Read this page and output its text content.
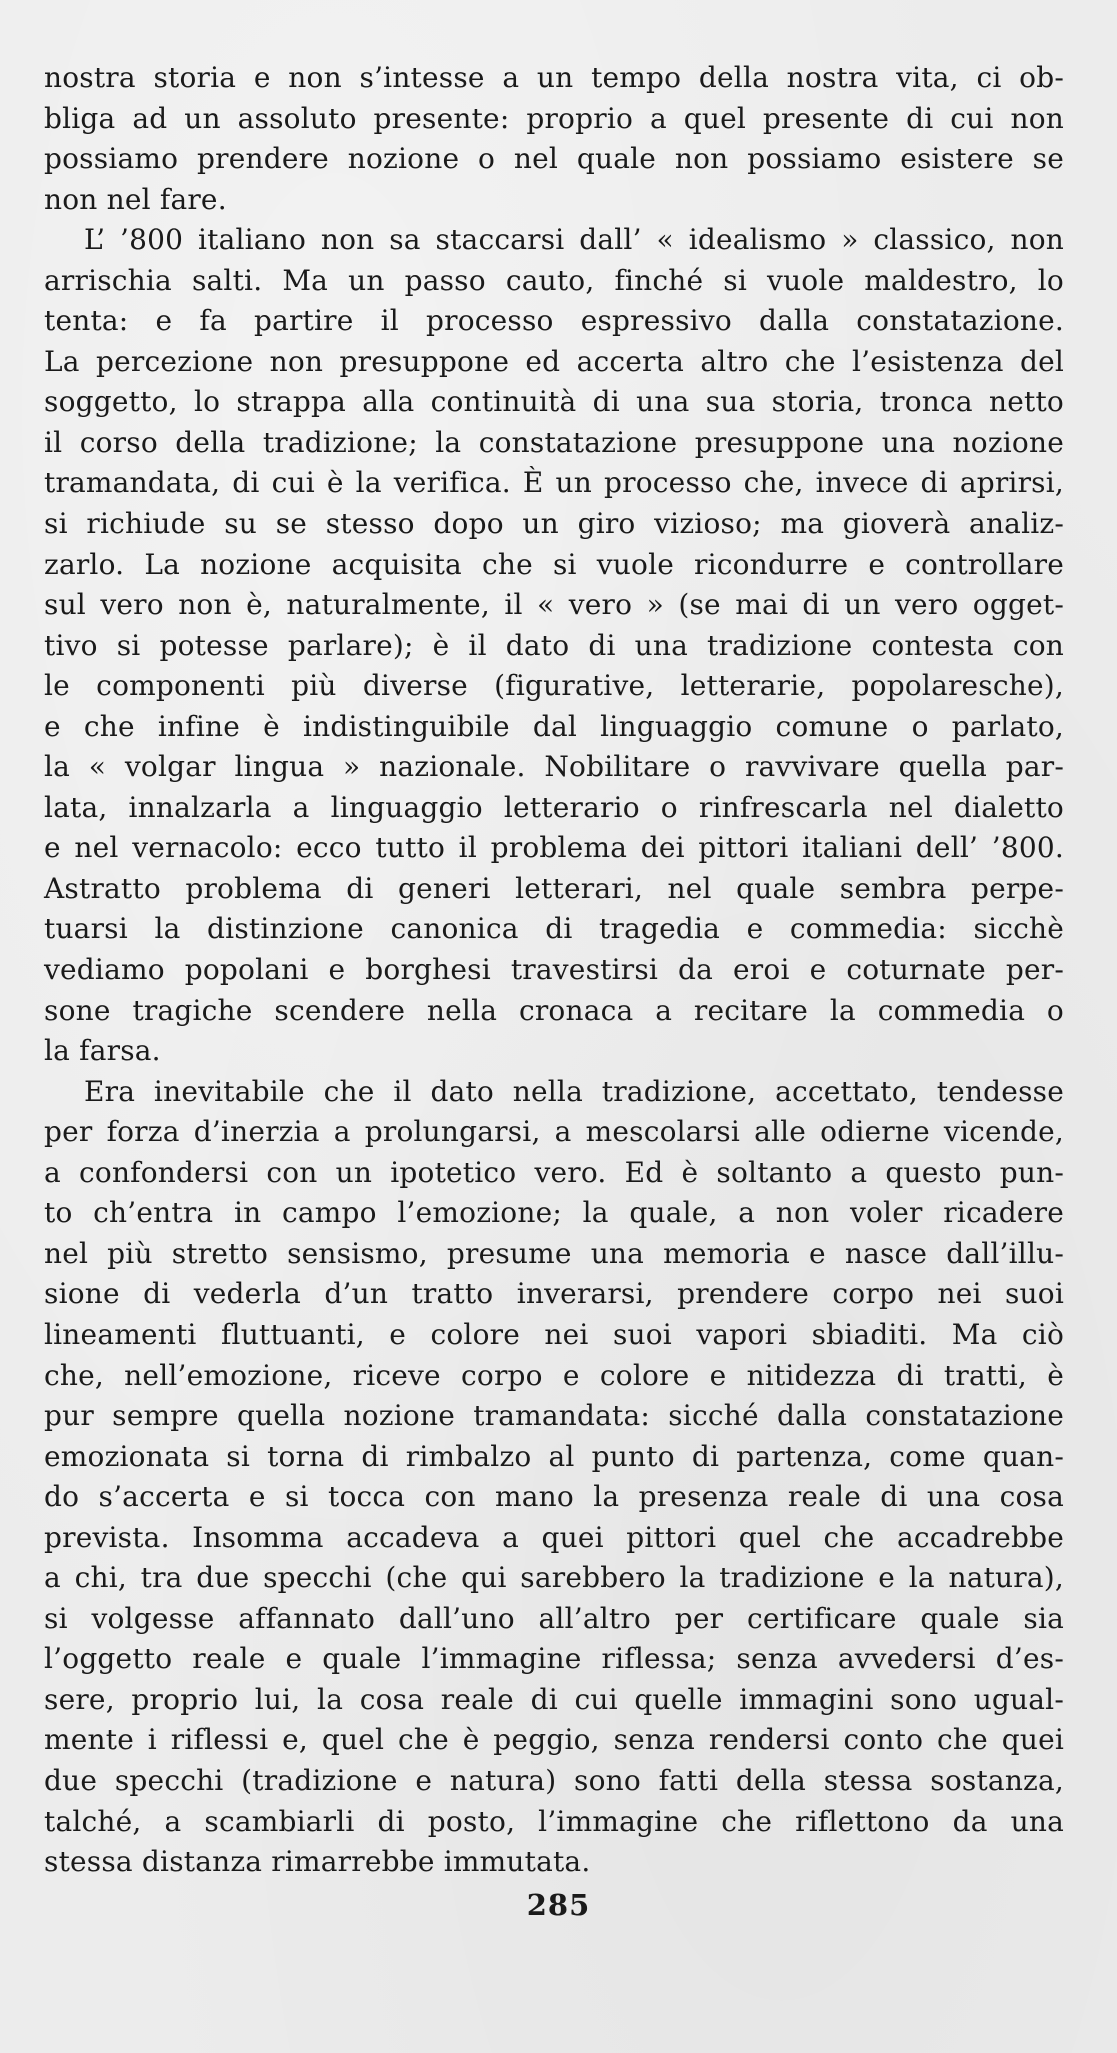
nostra storia e non s’intesse a un tempo della nostra vita, ci ob-
bliga ad un assoluto presente: proprio a quel presente di cui non
possiamo prendere nozione o nel quale non possiamo esistere se
non nel fare.
L’ ’800 italiano non sa staccarsi dall’ « idealismo » classico, non
arrischia salti. Ma un passo cauto, finché si vuole maldestro, lo
tenta: e fa partire il processo espressivo dalla constatazione.
La percezione non presuppone ed accerta altro che l’esistenza del
soggetto, lo strappa alla continuità di una sua storia, tronca netto
il corso della tradizione; la constatazione presuppone una nozione
tramandata, di cui è la verifica. È un processo che, invece di aprirsi,
si richiude su se stesso dopo un giro vizioso; ma gioverà analiz-
zarlo. La nozione acquisita che si vuole ricondurre e controllare
sul vero non è, naturalmente, il « vero » (se mai di un vero ogget-
tivo si potesse parlare); è il dato di una tradizione contesta con
le componenti più diverse (figurative, letterarie, popolaresche),
e che infine è indistinguibile dal linguaggio comune o parlato,
la « volgar lingua » nazionale. Nobilitare o ravvivare quella par-
lata, innalzarla a linguaggio letterario o rinfrescarla nel dialetto
e nel vernacolo: ecco tutto il problema dei pittori italiani dell’ ’800.
Astratto problema di generi letterari, nel quale sembra perpe-
tuarsi la distinzione canonica di tragedia e commedia: sicchè
vediamo popolani e borghesi travestirsi da eroi e coturnate per-
sone tragiche scendere nella cronaca a recitare la commedia o
la farsa.
Era inevitabile che il dato nella tradizione, accettato, tendesse
per forza d’inerzia a prolungarsi, a mescolarsi alle odierne vicende,
a confondersi con un ipotetico vero. Ed è soltanto a questo pun-
to ch’entra in campo l’emozione; la quale, a non voler ricadere
nel più stretto sensismo, presume una memoria e nasce dall’illu-
sione di vederla d’un tratto inverarsi, prendere corpo nei suoi
lineamenti fluttuanti, e colore nei suoi vapori sbiaditi. Ma ciò
che, nell’emozione, riceve corpo e colore e nitidezza di tratti, è
pur sempre quella nozione tramandata: sicché dalla constatazione
emozionata si torna di rimbalzo al punto di partenza, come quan-
do s’accerta e si tocca con mano la presenza reale di una cosa
prevista. Insomma accadeva a quei pittori quel che accadrebbe
a chi, tra due specchi (che qui sarebbero la tradizione e la natura),
si volgesse affannato dall’uno all’altro per certificare quale sia
l’oggetto reale e quale l’immagine riflessa; senza avvedersi d’es-
sere, proprio lui, la cosa reale di cui quelle immagini sono ugual-
mente i riflessi e, quel che è peggio, senza rendersi conto che quei
due specchi (tradizione e natura) sono fatti della stessa sostanza,
talché, a scambiarli di posto, l’immagine che riflettono da una
stessa distanza rimarrebbe immutata.
285
